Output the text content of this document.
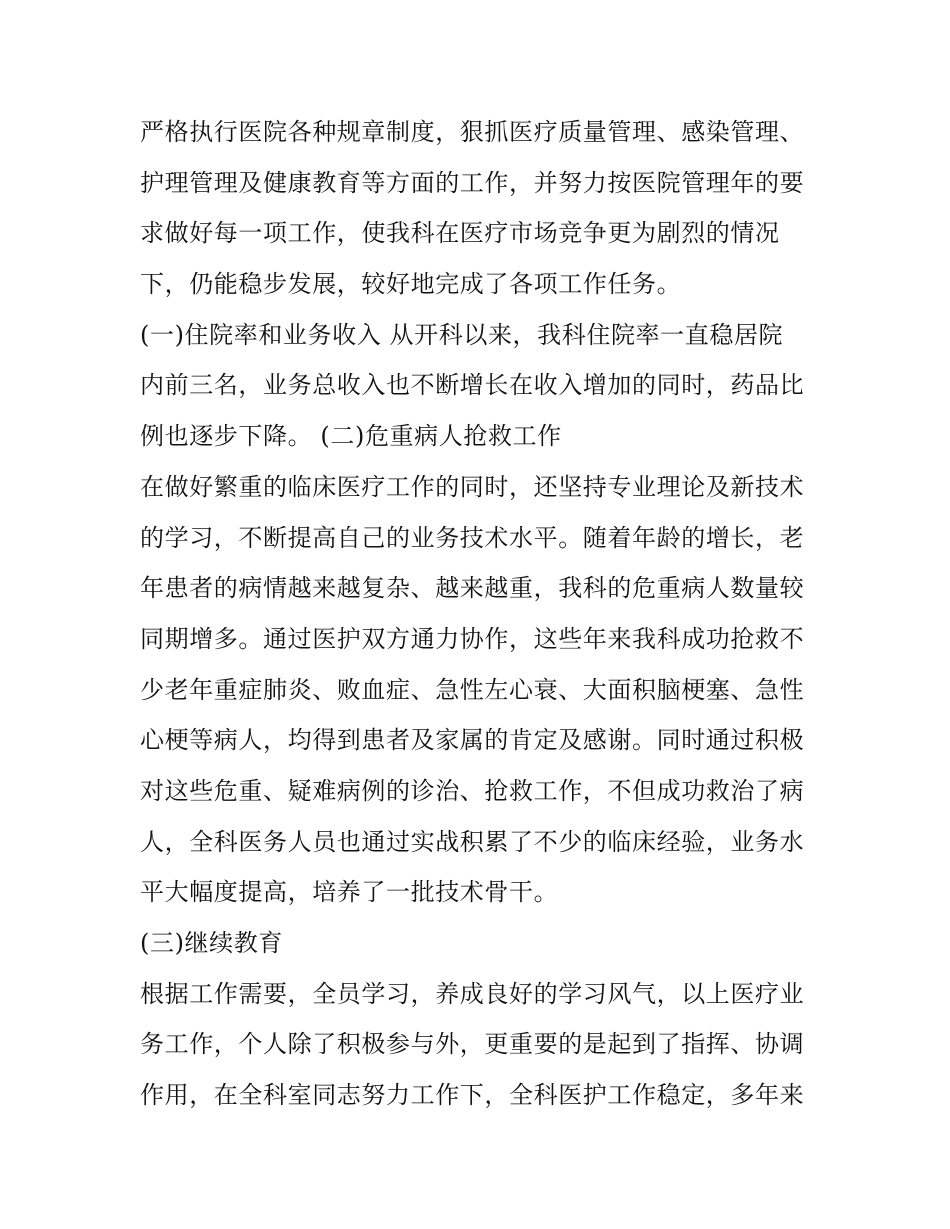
严格执行医院各种规章制度，狠抓医疗质量管理、感染管理、
护理管理及健康教育等方面的工作，并努力按医院管理年的要
求做好每一项工作，使我科在医疗市场竞争更为剧烈的情况
下，仍能稳步发展，较好地完成了各项工作任务。
(一)住院率和业务收入 从开科以来，我科住院率一直稳居院
内前三名，业务总收入也不断增长在收入增加的同时，药品比
例也逐步下降。 (二)危重病人抢救工作
在做好繁重的临床医疗工作的同时，还坚持专业理论及新技术
的学习，不断提高自己的业务技术水平。随着年龄的增长，老
年患者的病情越来越复杂、越来越重，我科的危重病人数量较
同期增多。通过医护双方通力协作，这些年来我科成功抢救不
少老年重症肺炎、败血症、急性左心衰、大面积脑梗塞、急性
心梗等病人，均得到患者及家属的肯定及感谢。同时通过积极
对这些危重、疑难病例的诊治、抢救工作，不但成功救治了病
人，全科医务人员也通过实战积累了不少的临床经验，业务水
平大幅度提高，培养了一批技术骨干。
(三)继续教育
根据工作需要，全员学习，养成良好的学习风气，以上医疗业
务工作，个人除了积极参与外，更重要的是起到了指挥、协调
作用，在全科室同志努力工作下，全科医护工作稳定，多年来
